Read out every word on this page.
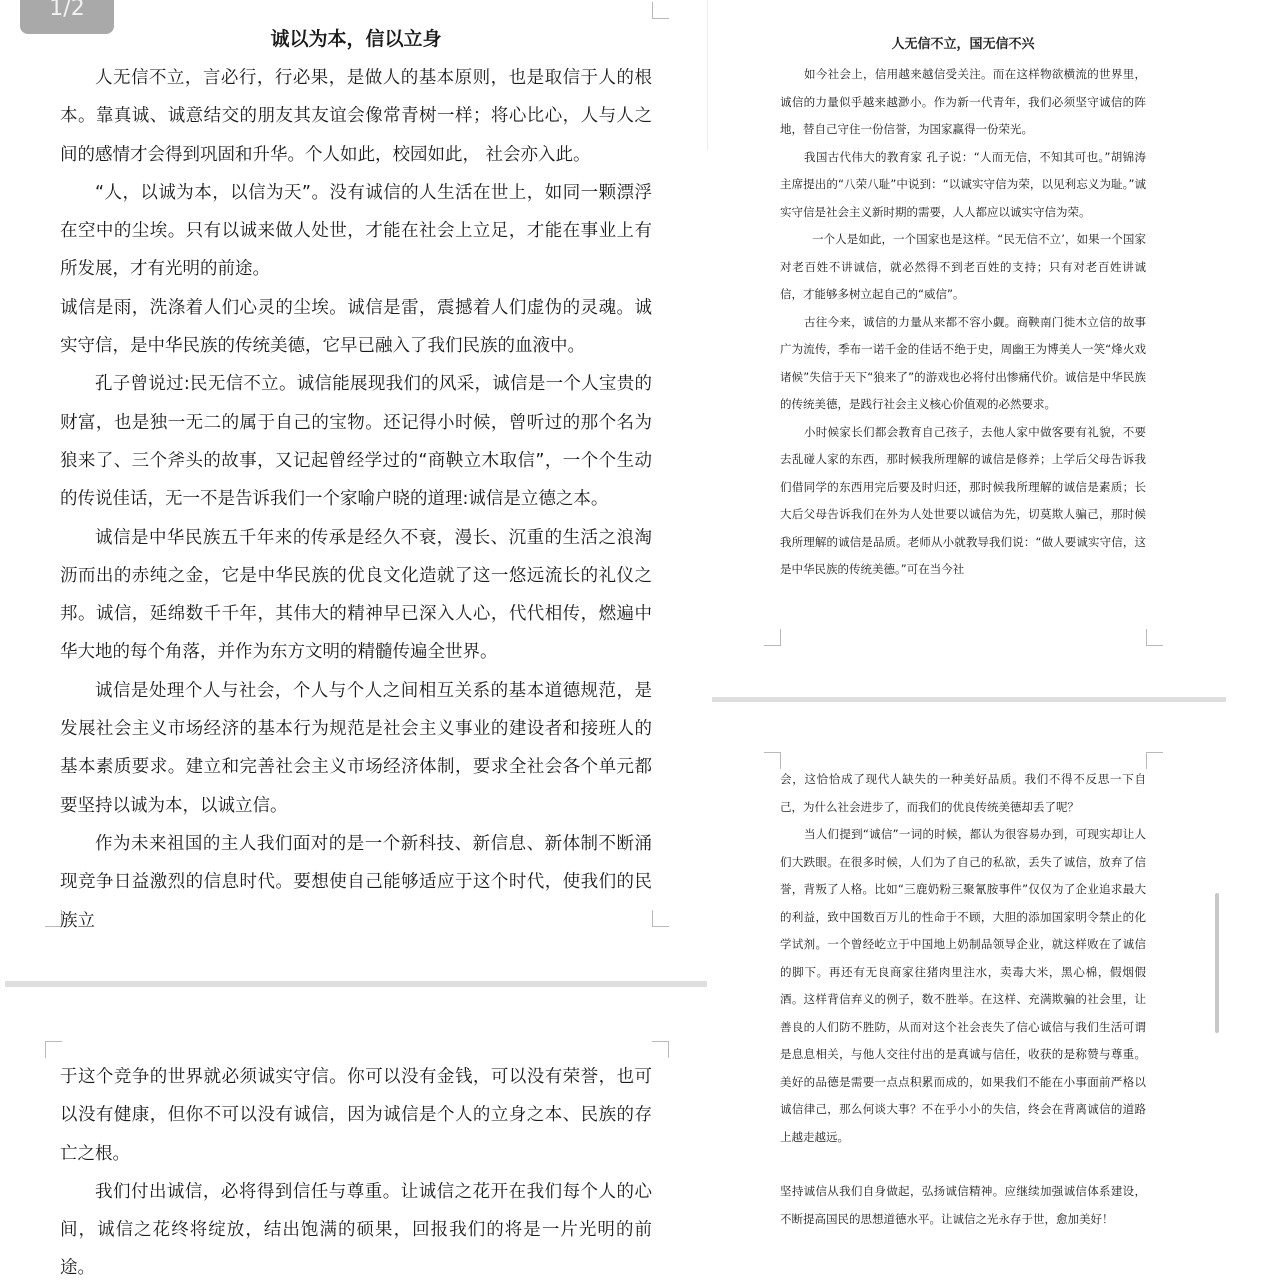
1/2
诚以为本，信以立身

人无信不立，言必行，行必果，是做人的基本原则，也是取信于人的根本。靠真诚、诚意结交的朋友其友谊会像常青树一样；将心比心，人与人之间的感情才会得到巩固和升华。个人如此，校园如此， 社会亦入此。

“人，以诚为本，以信为天”。没有诚信的人生活在世上，如同一颗漂浮在空中的尘埃。只有以诚来做人处世，才能在社会上立足，才能在事业上有所发展，才有光明的前途。

诚信是雨，洗涤着人们心灵的尘埃。诚信是雷，震撼着人们虚伪的灵魂。诚实守信，是中华民族的传统美德，它早已融入了我们民族的血液中。

孔子曾说过:民无信不立。诚信能展现我们的风采，诚信是一个人宝贵的财富，也是独一无二的属于自己的宝物。还记得小时候，曾听过的那个名为狼来了、三个斧头的故事，又记起曾经学过的“商鞅立木取信”，一个个生动的传说佳话，无一不是告诉我们一个家喻户晓的道理:诚信是立德之本。

诚信是中华民族五千年来的传承是经久不衰，漫长、沉重的生活之浪淘沥而出的赤纯之金，它是中华民族的优良文化造就了这一悠远流长的礼仪之邦。诚信，延绵数千千年，其伟大的精神早已深入人心，代代相传，燃遍中华大地的每个角落，并作为东方文明的精髓传遍全世界。

诚信是处理个人与社会，个人与个人之间相互关系的基本道德规范，是发展社会主义市场经济的基本行为规范是社会主义事业的建设者和接班人的基本素质要求。建立和完善社会主义市场经济体制，要求全社会各个单元都要坚持以诚为本，以诚立信。

作为未来祖国的主人我们面对的是一个新科技、新信息、新体制不断涌现竞争日益激烈的信息时代。要想使自己能够适应于这个时代，使我们的民族立

于这个竞争的世界就必须诚实守信。你可以没有金钱，可以没有荣誉，也可以没有健康，但你不可以没有诚信，因为诚信是个人的立身之本、民族的存亡之根。

我们付出诚信，必将得到信任与尊重。让诚信之花开在我们每个人的心间，诚信之花终将绽放，结出饱满的硕果，回报我们的将是一片光明的前途。

人无信不立，国无信不兴

如今社会上，信用越来越信受关注。而在这样物欲横流的世界里，诚信的力量似乎越来越渺小。作为新一代青年，我们必须坚守诚信的阵地，替自己守住一份信誉，为国家赢得一份荣光。

我国古代伟大的教育家 孔子说：“人而无信，不知其可也。”胡锦涛主席提出的“八荣八耻”中说到：“以诚实守信为荣，以见利忘义为耻。”诚实守信是社会主义新时期的需要，人人都应以诚实守信为荣。

一个人是如此，一个国家也是这样。“民无信不立’，如果一个国家对老百姓不讲诚信，就必然得不到老百姓的支持；只有对老百姓讲诚信，才能够多树立起自己的“威信”。

古往今来，诚信的力量从来都不容小觑。商鞅南门徙木立信的故事广为流传，季布一诺千金的佳话不绝于史，周幽王为博美人一笑“烽火戏诸候”失信于天下“狼来了”的游戏也必将付出惨痛代价。诚信是中华民族的传统美德，是践行社会主义核心价值观的必然要求。

小时候家长们都会教育自己孩子，去他人家中做客要有礼貌，不要去乱碰人家的东西，那时候我所理解的诚信是修养；上学后父母告诉我们借同学的东西用完后要及时归还，那时候我所理解的诚信是素质；长大后父母告诉我们在外为人处世要以诚信为先，切莫欺人骗己，那时候我所理解的诚信是品质。老师从小就教导我们说：“做人要诚实守信，这是中华民族的传统美德。”可在当今社

会，这恰恰成了现代人缺失的一种美好品质。我们不得不反思一下自己，为什么社会进步了，而我们的优良传统美德却丢了呢？

当人们提到“诚信”一词的时候，都认为很容易办到，可现实却让人们大跌眼。在很多时候，人们为了自己的私欲，丢失了诚信，放弃了信誉，背叛了人格。比如“三鹿奶粉三聚氰胺事件”仅仅为了企业追求最大的利益，致中国数百万儿的性命于不顾，大胆的添加国家明令禁止的化学试剂。一个曾经屹立于中国地上奶制品领导企业，就这样败在了诚信的脚下。再还有无良商家往猪肉里注水，卖毒大米，黑心棉，假烟假酒。这样背信弃义的例子，数不胜举。在这样、充满欺骗的社会里，让善良的人们防不胜防，从而对这个社会丧失了信心诚信与我们生活可谓是息息相关，与他人交往付出的是真诚与信任，收获的是称赞与尊重。美好的品德是需要一点点积累而成的，如果我们不能在小事面前严格以诚信律己，那么何谈大事？不在乎小小的失信，终会在背离诚信的道路上越走越远。

坚持诚信从我们自身做起，弘扬诚信精神。应继续加强诚信体系建设，不断提高国民的思想道德水平。让诚信之光永存于世，愈加美好！
